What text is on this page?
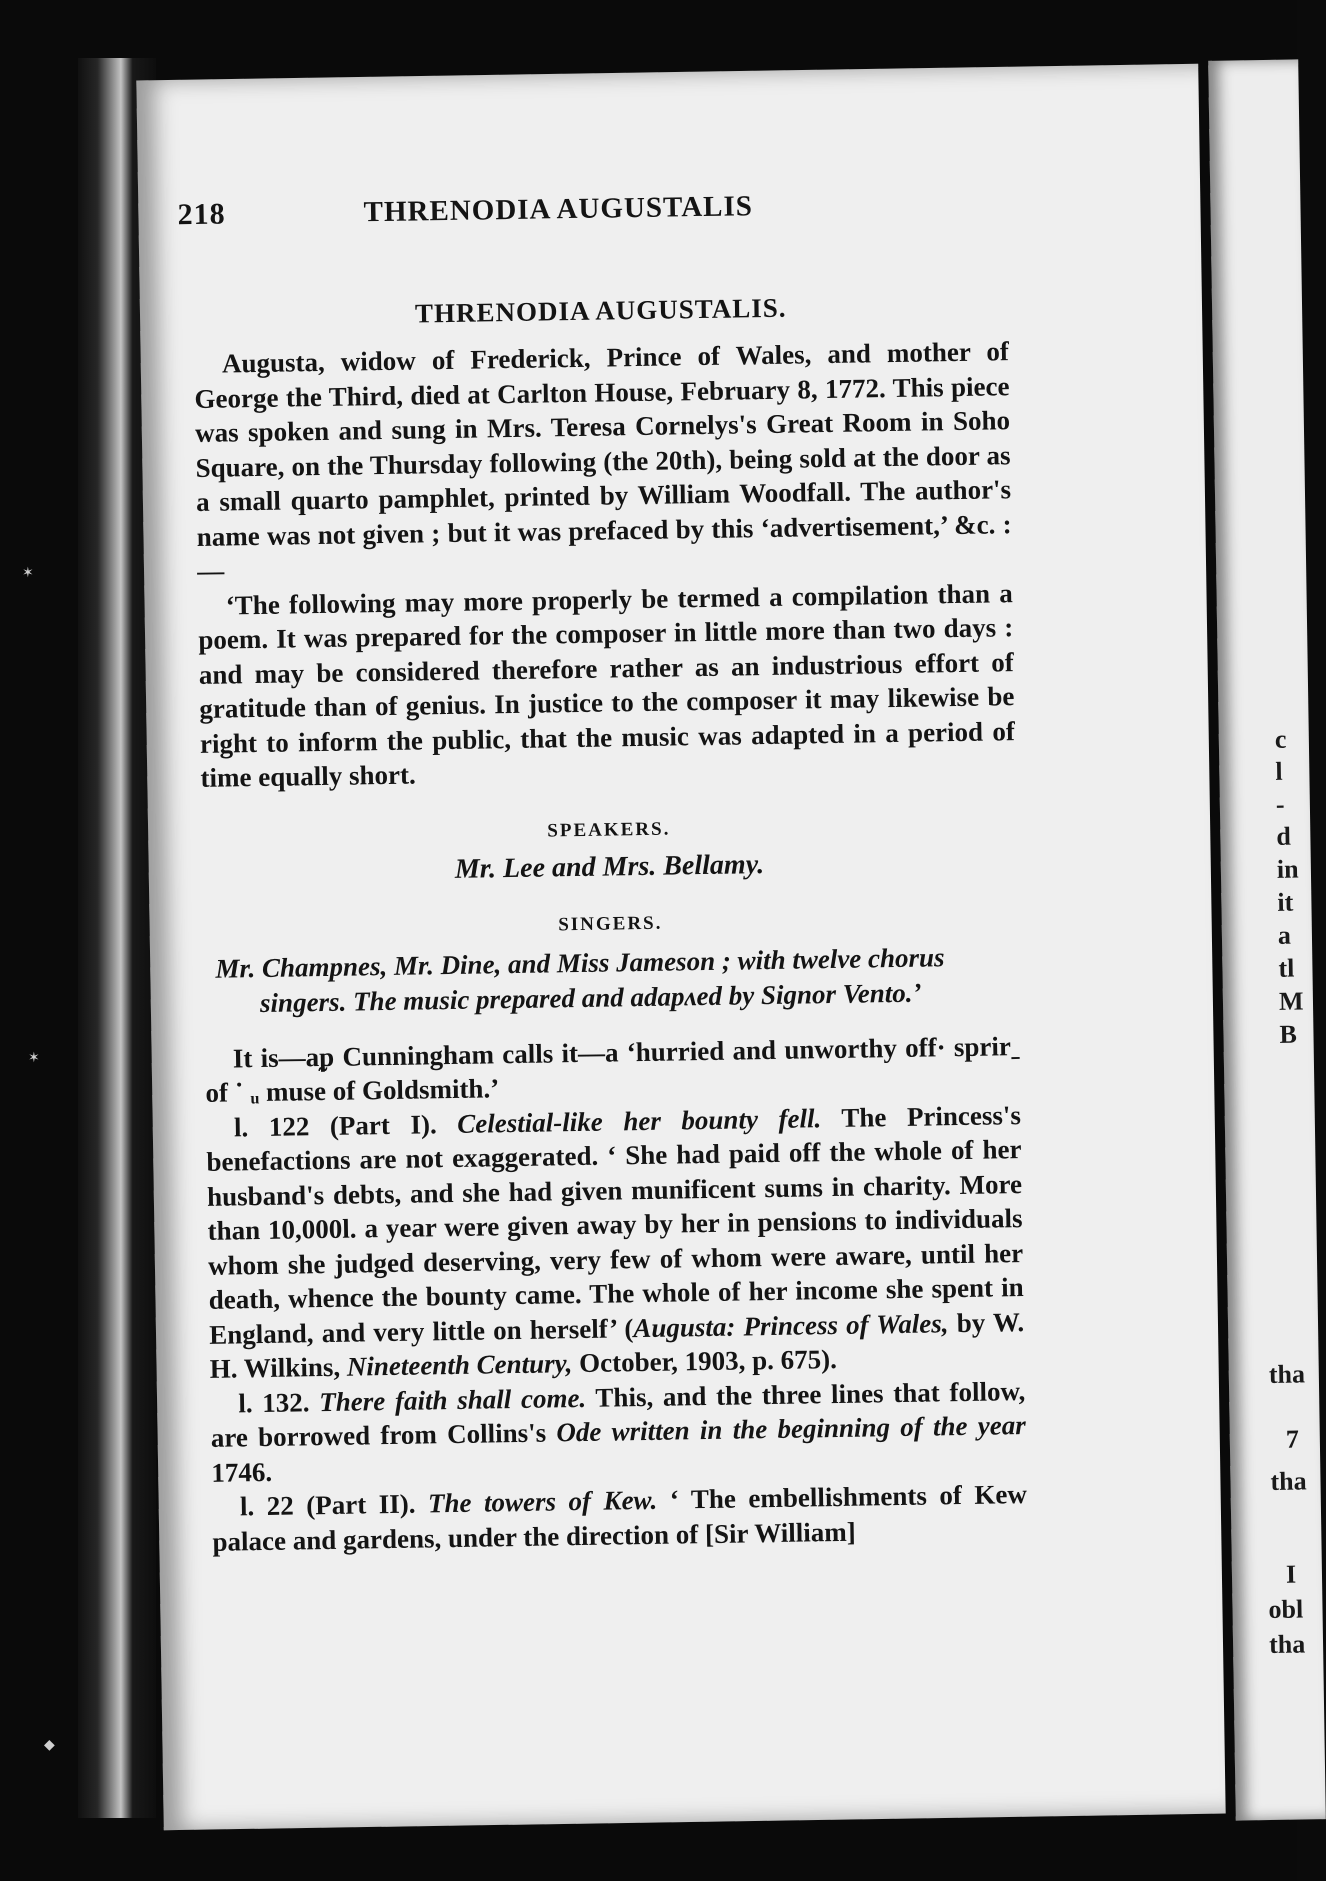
c
l
-
d
in
it
a
tl
M
B
tha
7
tha
I
obl
tha
218	THRENODIA AUGUSTALIS
THRENODIA AUGUSTALIS.

Augusta, widow of Frederick, Prince of Wales, and mother of George the Third, died at Carlton House, February 8, 1772. This piece was spoken and sung in Mrs. Teresa Cornelys's Great Room in Soho Square, on the Thursday following (the 20th), being sold at the door as a small quarto pamphlet, printed by William Woodfall. The author's name was not given ; but it was prefaced by this ‘advertisement,’ &c. :—

‘The following may more properly be termed a compilation than a poem. It was prepared for the composer in little more than two days : and may be considered therefore rather as an industrious effort of gratitude than of genius. In justice to the composer it may likewise be right to inform the public, that the music was adapted in a period of time equally short.

SPEAKERS.
Mr. Lee and Mrs. Bellamy.
SINGERS.
Mr. Champnes, Mr. Dine, and Miss Jameson ; with twelve chorus
singers. The music prepared and adapʌed by Signor Vento.’

It is—aᵱ Cunningham calls it—a ‘hurried and unworthy off· sprirˍ of ˙ ᵤ muse of Goldsmith.’

l. 122 (Part I). Celestial-like her bounty fell. The Princess's benefactions are not exaggerated. ‘ She had paid off the whole of her husband's debts, and she had given munificent sums in charity. More than 10,000l. a year were given away by her in pensions to individuals whom she judged deserving, very few of whom were aware, until her death, whence the bounty came. The whole of her income she spent in England, and very little on herself’ (Augusta: Princess of Wales, by W. H. Wilkins, Nineteenth Century, October, 1903, p. 675).

l. 132. There faith shall come. This, and the three lines that follow, are borrowed from Collins's Ode written in the beginning of the year 1746.

l. 22 (Part II). The towers of Kew. ‘ The embellishments of Kew palace and gardens, under the direction of [Sir William]

✶
✶
◆
